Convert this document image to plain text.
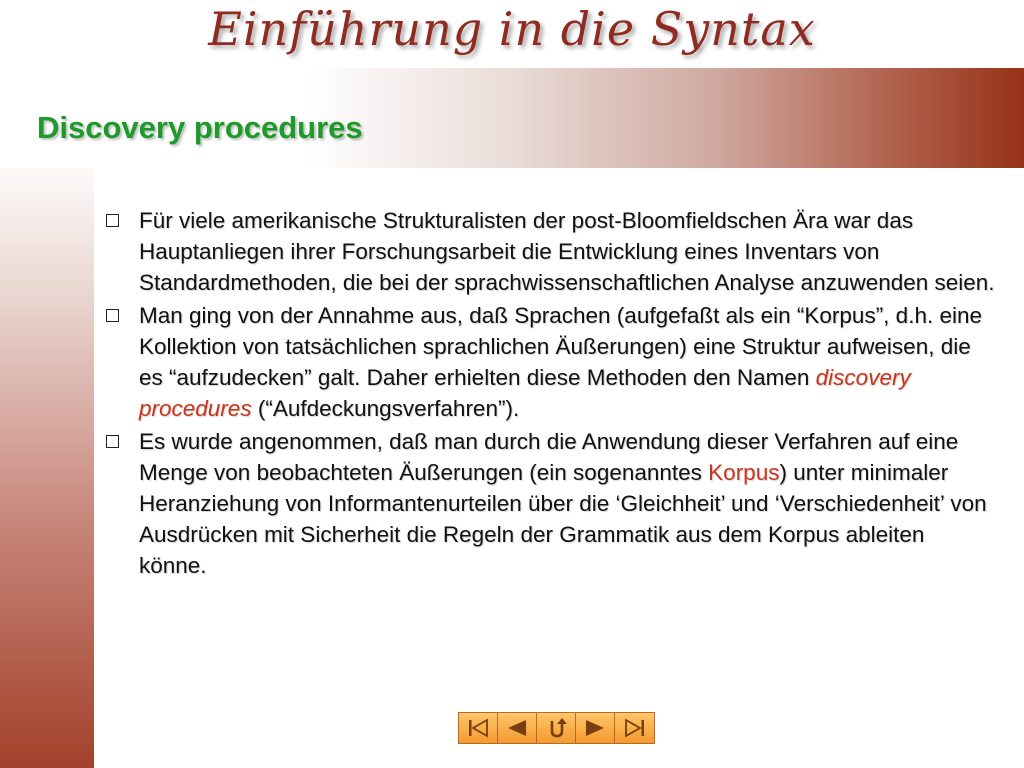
Einführung in die Syntax
Discovery procedures
Für viele amerikanische Strukturalisten der post-Bloomfieldschen Ära war das Hauptanliegen ihrer Forschungsarbeit die Entwicklung eines Inventars von Standardmethoden, die bei der sprachwissenschaftlichen Analyse anzuwenden seien.
Man ging von der Annahme aus, daß Sprachen (aufgefaßt als ein “Korpus”, d.h. eine Kollektion von tatsächlichen sprachlichen Äußerungen) eine Struktur aufweisen, die es “aufzudecken” galt. Daher erhielten diese Methoden den Namen discovery procedures (“Aufdeckungsverfahren”).
Es wurde angenommen, daß man durch die Anwendung dieser Verfahren auf eine Menge von beobachteten Äußerungen (ein sogenanntes Korpus) unter minimaler Heranziehung von Informantenurteilen über die ‘Gleichheit’ und ‘Verschiedenheit’ von Ausdrücken mit Sicherheit die Regeln der Grammatik aus dem Korpus ableiten könne.
